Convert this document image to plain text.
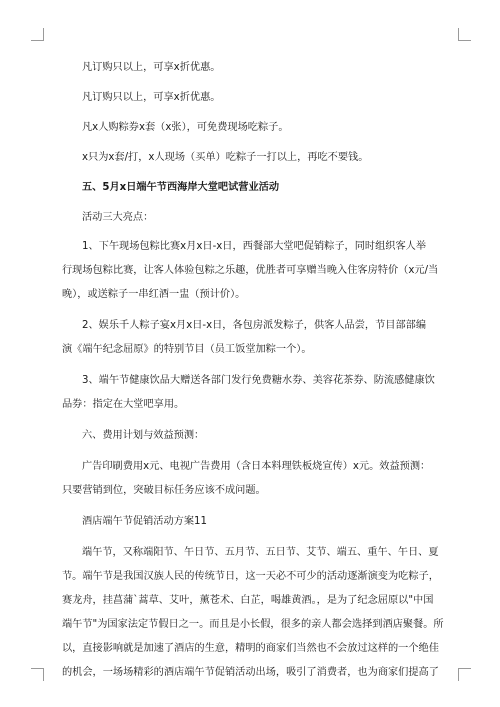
凡订购只以上，可享x折优惠。
凡订购只以上，可享x折优惠。
凡x人购粽券x套（x张），可免费现场吃粽子。
x只为x套/打，x人现场（买单）吃粽子一打以上，再吃不要钱。
五、5月x日端午节西海岸大堂吧试营业活动
活动三大亮点：
1、下午现场包粽比赛x月x日-x日，西餐部大堂吧促销粽子，同时组织客人举
行现场包粽比赛，让客人体验包粽之乐趣，优胜者可享赠当晚入住客房特价（x元/当
晚），或送粽子一串红酒一盅（预计价）。
2、娱乐千人粽子宴x月x日-x日，各包房派发粽子，供客人品尝，节目部部编
演《端午纪念屈原》的特别节目（员工饭堂加粽一个）。
3、端午节健康饮品大赠送各部门发行免费糖水券、美容花茶券、防流感健康饮
品券：指定在大堂吧享用。
六、费用计划与效益预测：
广告印刷费用x元、电视广告费用（含日本料理铁板烧宣传）x元。效益预测：
只要营销到位，突破目标任务应该不成问题。
酒店端午节促销活动方案11
端午节，又称端阳节、午日节、五月节、五日节、艾节、端五、重午、午日、夏
节。端午节是我国汉族人民的传统节日，这一天必不可少的活动逐渐演变为吃粽子，
赛龙舟，挂菖蒲`蒿草、艾叶，薰苍术、白芷，喝雄黄酒。，是为了纪念屈原以"中国
端午节"为国家法定节假日之一。而且是小长假，很多的亲人都会选择到酒店聚餐。所
以，直接影响就是加速了酒店的生意，精明的商家们当然也不会放过这样的一个绝佳
的机会，一场场精彩的酒店端午节促销活动出场，吸引了消费者，也为商家们提高了
